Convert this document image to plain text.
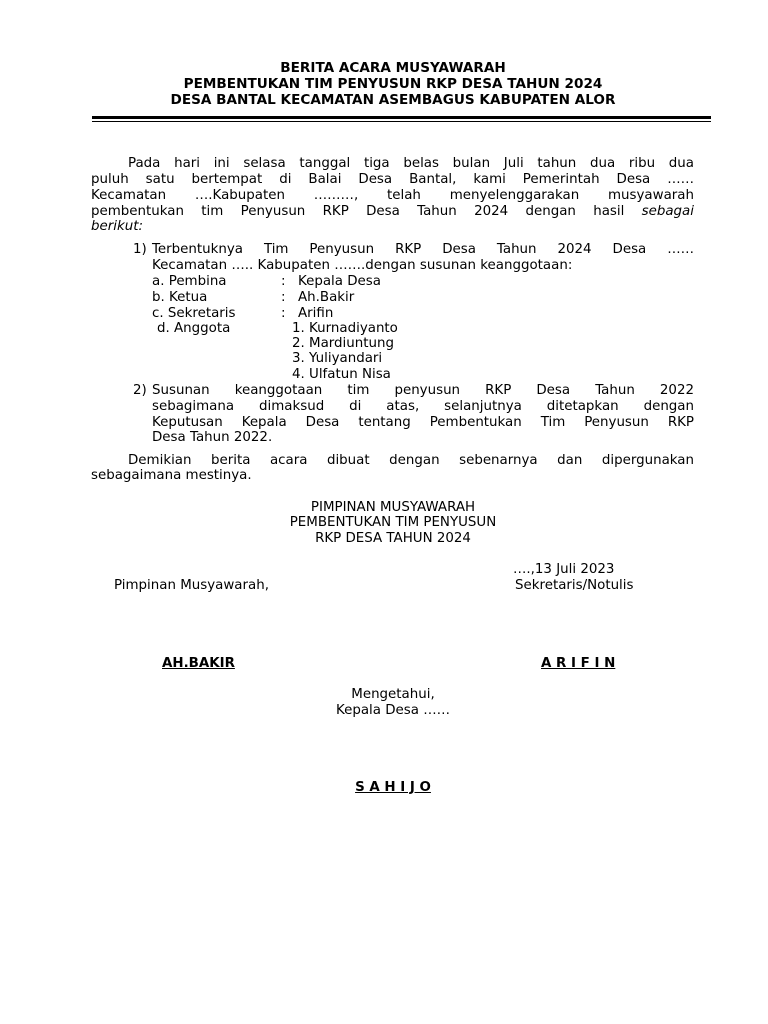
BERITA ACARA MUSYAWARAH
PEMBENTUKAN TIM PENYUSUN RKP DESA TAHUN 2024
DESA BANTAL KECAMATAN ASEMBAGUS KABUPATEN ALOR
Pada hari ini selasa tanggal tiga belas bulan Juli tahun dua ribu dua
puluh satu bertempat di Balai Desa Bantal, kami Pemerintah Desa ……
Kecamatan ….Kabupaten ………, telah menyelenggarakan musyawarah
pembentukan tim Penyusun RKP Desa Tahun 2024 dengan hasil sebagai
berikut:
1) Terbentuknya Tim Penyusun RKP Desa Tahun 2024 Desa ……
Kecamatan ….. Kabupaten …….dengan susunan keanggotaan:
a. Pembina	: Kepala Desa
b. Ketua	: Ah.Bakir
c. Sekretaris	: Arifin
d. Anggota	1. Kurnadiyanto
2. Mardiuntung
3. Yuliyandari
4. Ulfatun Nisa
2) Susunan keanggotaan tim penyusun RKP Desa Tahun 2022
sebagimana dimaksud di atas, selanjutnya ditetapkan dengan
Keputusan Kepala Desa tentang Pembentukan Tim Penyusun RKP
Desa Tahun 2022.
Demikian berita acara dibuat dengan sebenarnya dan dipergunakan
sebagaimana mestinya.
PIMPINAN MUSYAWARAH
PEMBENTUKAN TIM PENYUSUN
RKP DESA TAHUN 2024
….,13 Juli 2023
Pimpinan Musyawarah,	Sekretaris/Notulis
AH.BAKIR	A R I F I N
Mengetahui,
Kepala Desa ……
S A H I J O
